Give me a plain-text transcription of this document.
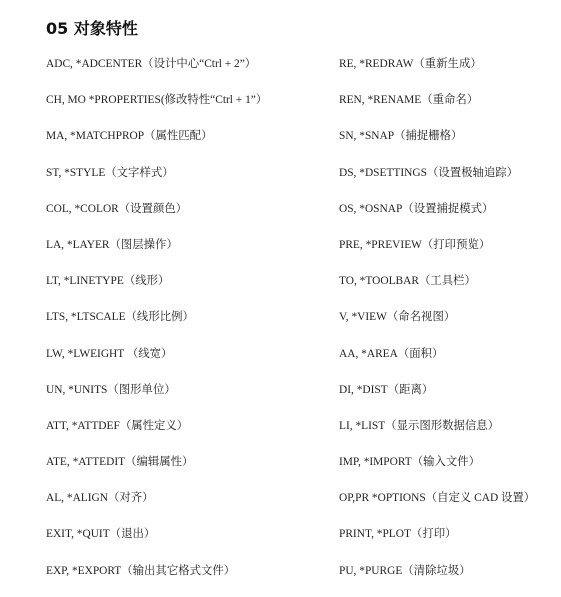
05 对象特性
ADC, *ADCENTER（设计中心“Ctrl + 2”）
CH, MO *PROPERTIES(修改特性“Ctrl + 1”）
MA, *MATCHPROP（属性匹配）
ST, *STYLE（文字样式）
COL, *COLOR（设置颜色）
LA, *LAYER（图层操作）
LT, *LINETYPE（线形）
LTS, *LTSCALE（线形比例）
LW, *LWEIGHT （线宽）
UN, *UNITS（图形单位）
ATT, *ATTDEF（属性定义）
ATE, *ATTEDIT（编辑属性）
AL, *ALIGN（对齐）
EXIT, *QUIT（退出）
EXP, *EXPORT（输出其它格式文件）
RE, *REDRAW（重新生成）
REN, *RENAME（重命名）
SN, *SNAP（捕捉栅格）
DS, *DSETTINGS（设置极轴追踪）
OS, *OSNAP（设置捕捉模式）
PRE, *PREVIEW（打印预览）
TO, *TOOLBAR（工具栏）
V, *VIEW（命名视图）
AA, *AREA（面积）
DI, *DIST（距离）
LI, *LIST（显示图形数据信息）
IMP, *IMPORT（输入文件）
OP,PR *OPTIONS（自定义 CAD 设置）
PRINT, *PLOT（打印）
PU, *PURGE（清除垃圾）
